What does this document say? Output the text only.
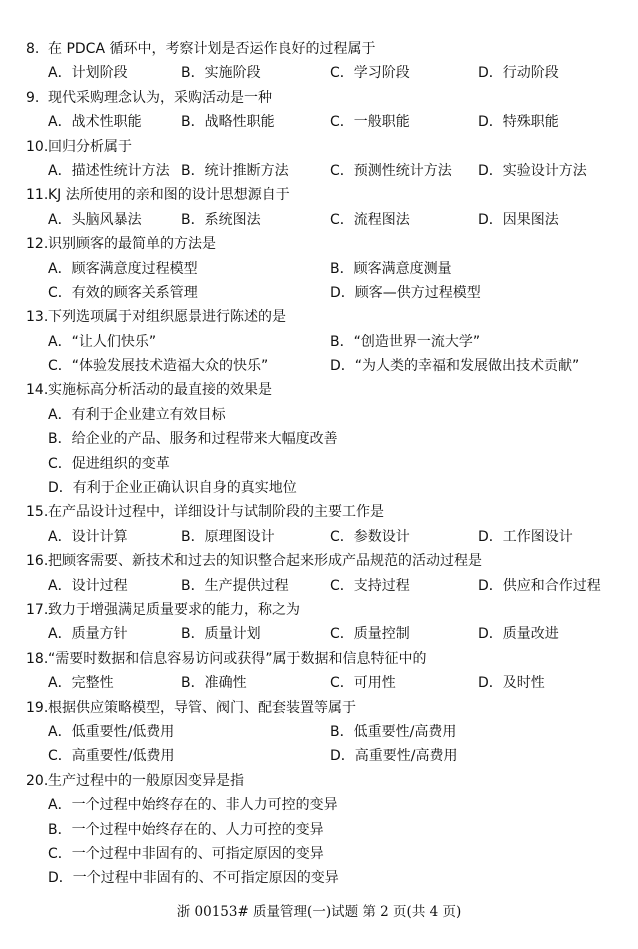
8. 在 PDCA 循环中，考察计划是否运作良好的过程属于
A．计划阶段	B．实施阶段	C．学习阶段	D．行动阶段
9. 现代采购理念认为，采购活动是一种
A．战术性职能	B．战略性职能	C．一般职能	D．特殊职能
10. 回归分析属于
A．描述性统计方法 B．统计推断方法	C．预测性统计方法 D．实验设计方法
11. KJ 法所使用的亲和图的设计思想源自于
A．头脑风暴法	B．系统图法	C．流程图法	D．因果图法
12. 识别顾客的最简单的方法是
A．顾客满意度过程模型	B．顾客满意度测量
C．有效的顾客关系管理	D．顾客—供方过程模型
13. 下列选项属于对组织愿景进行陈述的是
A．“让人们快乐”	B．“创造世界一流大学”
C．“体验发展技术造福大众的快乐”	D．“为人类的幸福和发展做出技术贡献”
14. 实施标高分析活动的最直接的效果是
A．有利于企业建立有效目标
B．给企业的产品、服务和过程带来大幅度改善
C．促进组织的变革
D．有利于企业正确认识自身的真实地位
15. 在产品设计过程中，详细设计与试制阶段的主要工作是
A．设计计算	B．原理图设计	C．参数设计	D．工作图设计
16. 把顾客需要、新技术和过去的知识整合起来形成产品规范的活动过程是
A．设计过程	B．生产提供过程	C．支持过程	D．供应和合作过程
17. 致力于增强满足质量要求的能力，称之为
A．质量方针	B．质量计划	C．质量控制	D．质量改进
18. “需要时数据和信息容易访问或获得”属于数据和信息特征中的
A．完整性	B．准确性	C．可用性	D．及时性
19. 根据供应策略模型，导管、阀门、配套装置等属于
A．低重要性/低费用	B．低重要性/高费用
C．高重要性/低费用	D．高重要性/高费用
20. 生产过程中的一般原因变异是指
A．一个过程中始终存在的、非人力可控的变异
B．一个过程中始终存在的、人力可控的变异
C．一个过程中非固有的、可指定原因的变异
D．一个过程中非固有的、不可指定原因的变异
浙 00153# 质量管理(一)试题 第 2 页(共 4 页)
